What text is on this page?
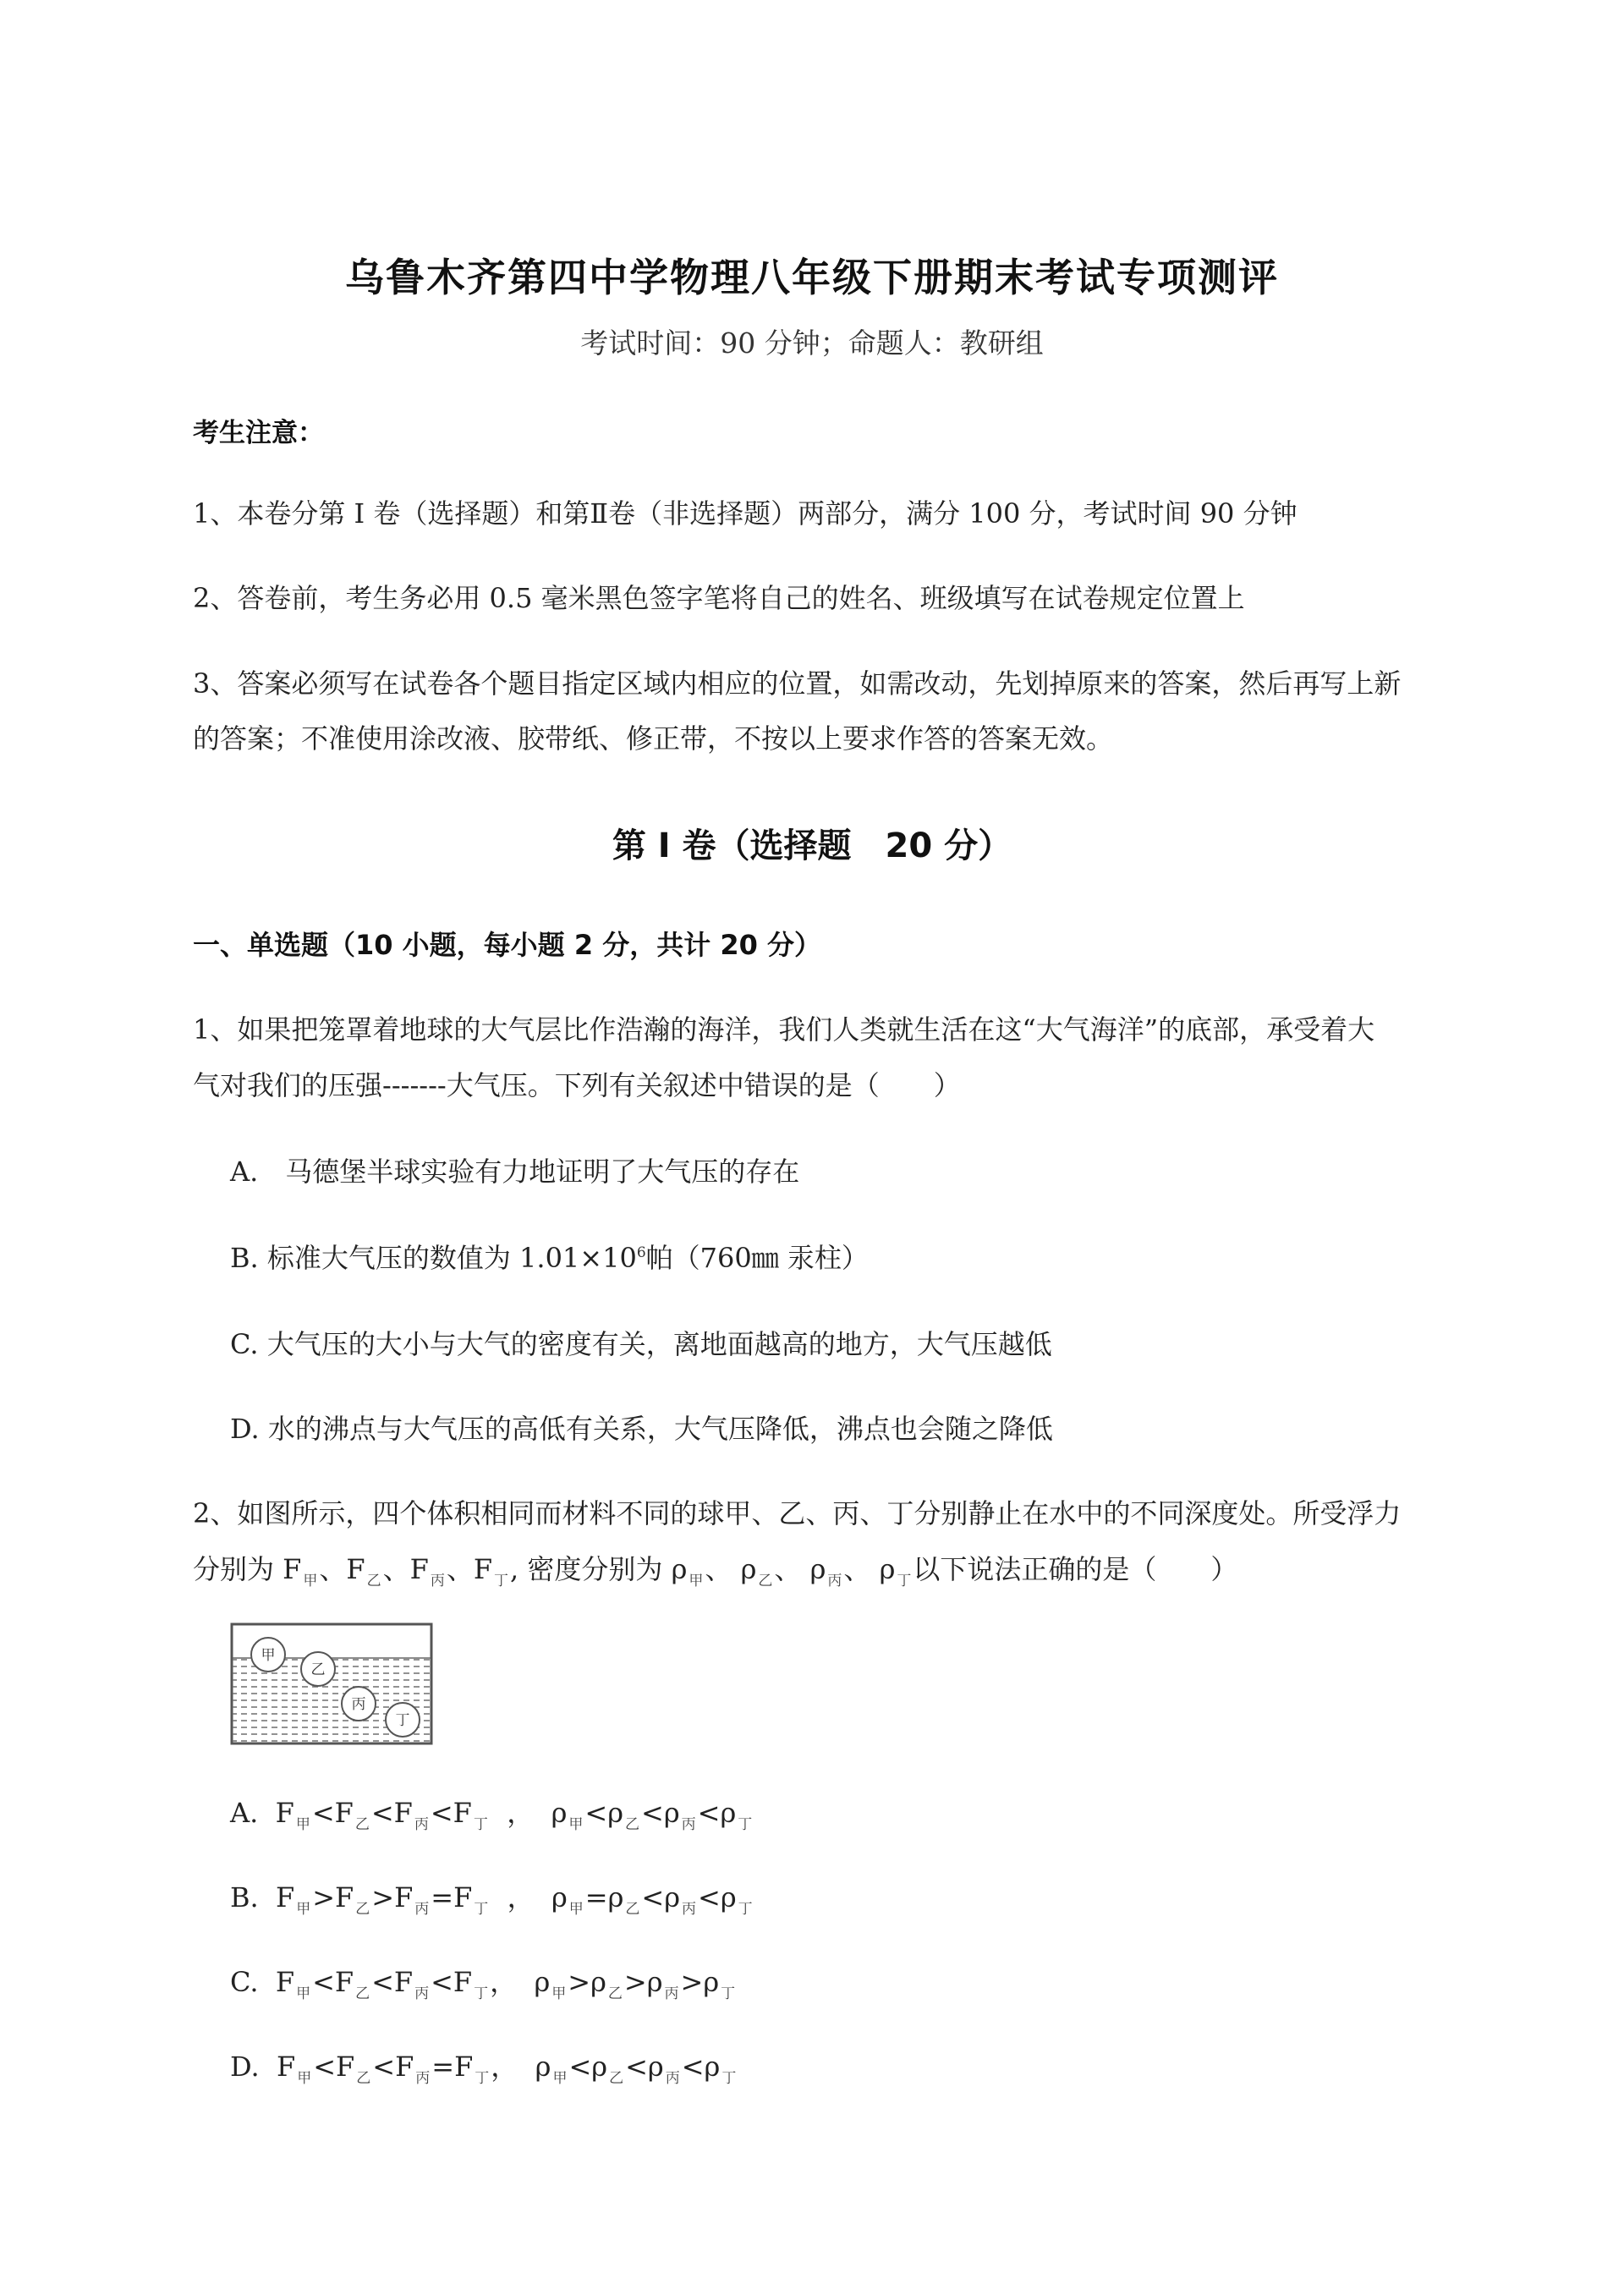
乌鲁木齐第四中学物理八年级下册期末考试专项测评
考试时间：90 分钟；命题人：教研组
考生注意：
1、本卷分第 I 卷（选择题）和第Ⅱ卷（非选择题）两部分，满分 100 分，考试时间 90 分钟
2、答卷前，考生务必用 0.5 毫米黑色签字笔将自己的姓名、班级填写在试卷规定位置上
3、答案必须写在试卷各个题目指定区域内相应的位置，如需改动，先划掉原来的答案，然后再写上新
的答案；不准使用涂改液、胶带纸、修正带，不按以上要求作答的答案无效。
第 I 卷（选择题　20 分）
一、单选题（10 小题，每小题 2 分，共计 20 分）
1、如果把笼罩着地球的大气层比作浩瀚的海洋，我们人类就生活在这“大气海洋”的底部，承受着大
气对我们的压强-------大气压。下列有关叙述中错误的是（　　）
A.　马德堡半球实验有力地证明了大气压的存在
B. 标准大气压的数值为 $1.01\times 10^6$帕（760㎜ 汞柱）
C. 大气压的大小与大气的密度有关，离地面越高的地方，大气压越低
D. 水的沸点与大气压的高低有关系，大气压降低，沸点也会随之降低
2、如图所示，四个体积相同而材料不同的球甲、乙、丙、丁分别静止在水中的不同深度处。所受浮力
分别为 F $_甲$、F $_乙$、F $_丙$、F $_丁$, 密度分别为 ρ $_甲$、 ρ $_乙$、 ρ $_丙$、 ρ $_丁$以下说法正确的是（　　）
甲
乙
丙
丁
A. F $_甲$<F $_乙$<F $_丙$<F $_丁$ ， ρ $_甲$<ρ $_乙$<ρ $_丙$<ρ $_丁$
B. F $_甲$>F $_乙$>F $_丙$=F $_丁$ ， ρ $_甲$=ρ $_乙$<ρ $_丙$<ρ $_丁$
C. F $_甲$<F $_乙$<F $_丙$<F $_丁$， ρ $_甲$>ρ $_乙$>ρ $_丙$>ρ $_丁$
D. F $_甲$<F $_乙$<F $_丙$=F $_丁$， ρ $_甲$<ρ $_乙$<ρ $_丙$<ρ $_丁$
